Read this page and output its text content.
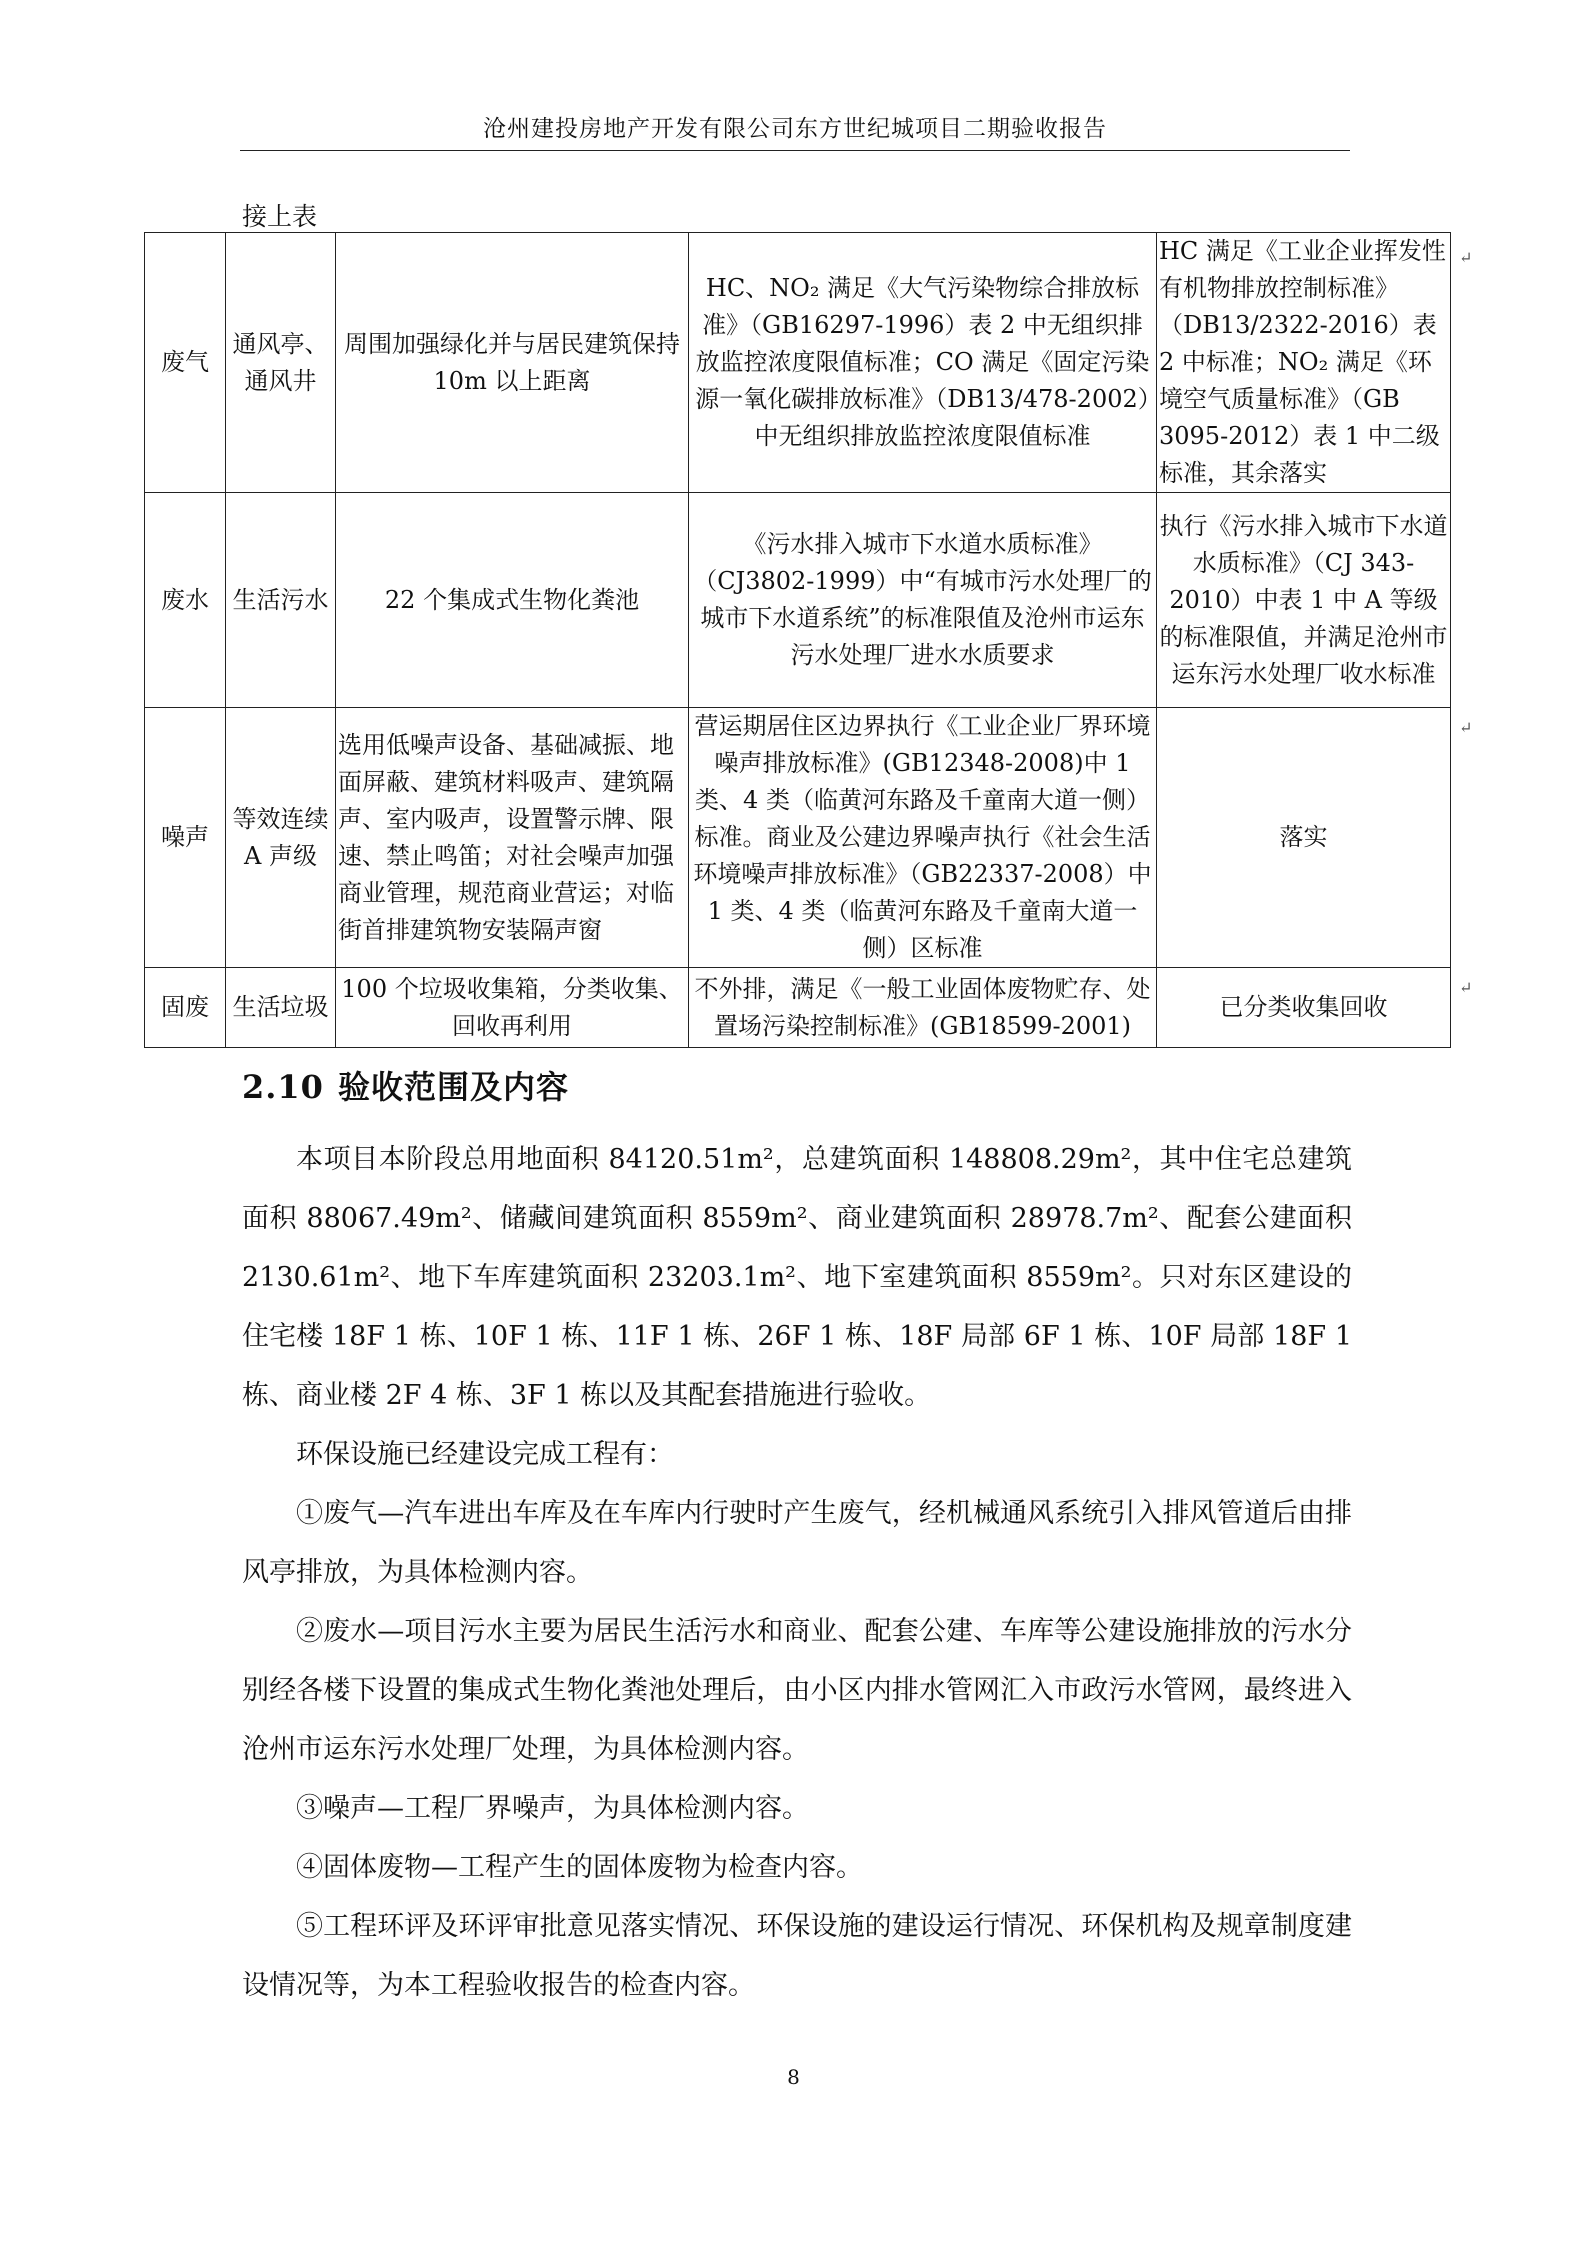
沧州建投房地产开发有限公司东方世纪城项目二期验收报告
接上表
废气	通风亭、通风井	周围加强绿化并与居民建筑保持 10m 以上距离	HC、NO₂ 满足《大气污染物综合排放标准》（GB16297-1996）表 2 中无组织排放监控浓度限值标准；CO 满足《固定污染源一氧化碳排放标准》（DB13/478-2002）中无组织排放监控浓度限值标准	HC 满足《工业企业挥发性有机物排放控制标准》（DB13/2322-2016）表 2 中标准；NO₂ 满足《环境空气质量标准》（GB 3095-2012）表 1 中二级标准，其余落实
废水	生活污水	22 个集成式生物化粪池	《污水排入城市下水道水质标准》（CJ3802-1999）中“有城市污水处理厂的城市下水道系统”的标准限值及沧州市运东污水处理厂进水水质要求	执行《污水排入城市下水道水质标准》（CJ 343-2010）中表 1 中 A 等级的标准限值，并满足沧州市运东污水处理厂收水标准
噪声	等效连续 A 声级	选用低噪声设备、基础减振、地面屏蔽、建筑材料吸声、建筑隔声、室内吸声，设置警示牌、限速、禁止鸣笛；对社会噪声加强商业管理，规范商业营运；对临街首排建筑物安装隔声窗	营运期居住区边界执行《工业企业厂界环境噪声排放标准》(GB12348-2008)中 1 类、4 类（临黄河东路及千童南大道一侧）标准。商业及公建边界噪声执行《社会生活环境噪声排放标准》（GB22337-2008）中 1 类、4 类（临黄河东路及千童南大道一侧）区标准	落实
固废	生活垃圾	100 个垃圾收集箱，分类收集、回收再利用	不外排，满足《一般工业固体废物贮存、处置场污染控制标准》(GB18599-2001)	已分类收集回收
↵
↵
↵
2.10 验收范围及内容

本项目本阶段总用地面积 84120.51m²，总建筑面积 148808.29m²，其中住宅总建筑面积 88067.49m²、储藏间建筑面积 8559m²、商业建筑面积 28978.7m²、配套公建面积 2130.61m²、地下车库建筑面积 23203.1m²、地下室建筑面积 8559m²。只对东区建设的住宅楼 18F 1 栋、10F 1 栋、11F 1 栋、26F 1 栋、18F 局部 6F 1 栋、10F 局部 18F 1 栋、商业楼 2F 4 栋、3F 1 栋以及其配套措施进行验收。

环保设施已经建设完成工程有：

①废气—汽车进出车库及在车库内行驶时产生废气，经机械通风系统引入排风管道后由排风亭排放，为具体检测内容。

②废水—项目污水主要为居民生活污水和商业、配套公建、车库等公建设施排放的污水分别经各楼下设置的集成式生物化粪池处理后，由小区内排水管网汇入市政污水管网，最终进入沧州市运东污水处理厂处理，为具体检测内容。

③噪声—工程厂界噪声，为具体检测内容。

④固体废物—工程产生的固体废物为检查内容。

⑤工程环评及环评审批意见落实情况、环保设施的建设运行情况、环保机构及规章制度建设情况等，为本工程验收报告的检查内容。

8
